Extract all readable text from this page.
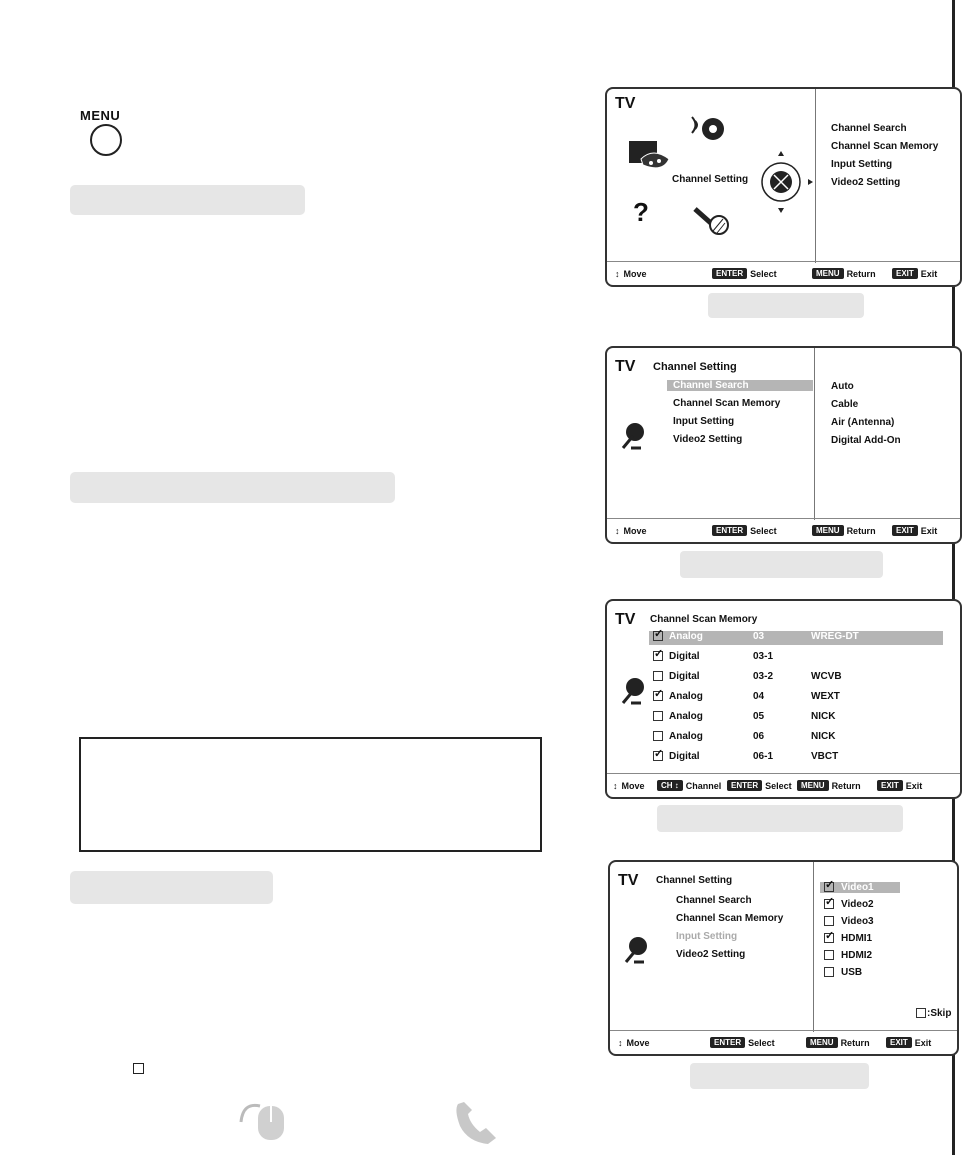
MENU
TV
Channel Setting
?
Channel Search
Channel Scan Memory
Input Setting
Video2 Setting
↕ Move	ENTER Select	MENU Return	EXIT Exit
TV Channel Setting
Channel Search
Channel Scan Memory
Input Setting
Video2 Setting
Auto
Cable
Air (Antenna)
Digital Add-On
↕ Move	ENTER Select	MENU Return	EXIT Exit
TV Channel Scan Memory
✓
Analog	03	WREG-DT
✓
Digital	03-1
Digital	03-2	WCVB
✓
Analog	04	WEXT
Analog	05	NICK
Analog	06	NICK
✓
Digital	06-1	VBCT
↕ Move	CH ↕ Channel	ENTER Select	MENU Return	EXIT Exit
TV Channel Setting
Channel Search
Channel Scan Memory
Input Setting
Video2 Setting
✓Video1
✓Video2
Video3
✓HDMI1
HDMI2
USB
:Skip
↕ Move	ENTER Select	MENU Return	EXIT Exit
